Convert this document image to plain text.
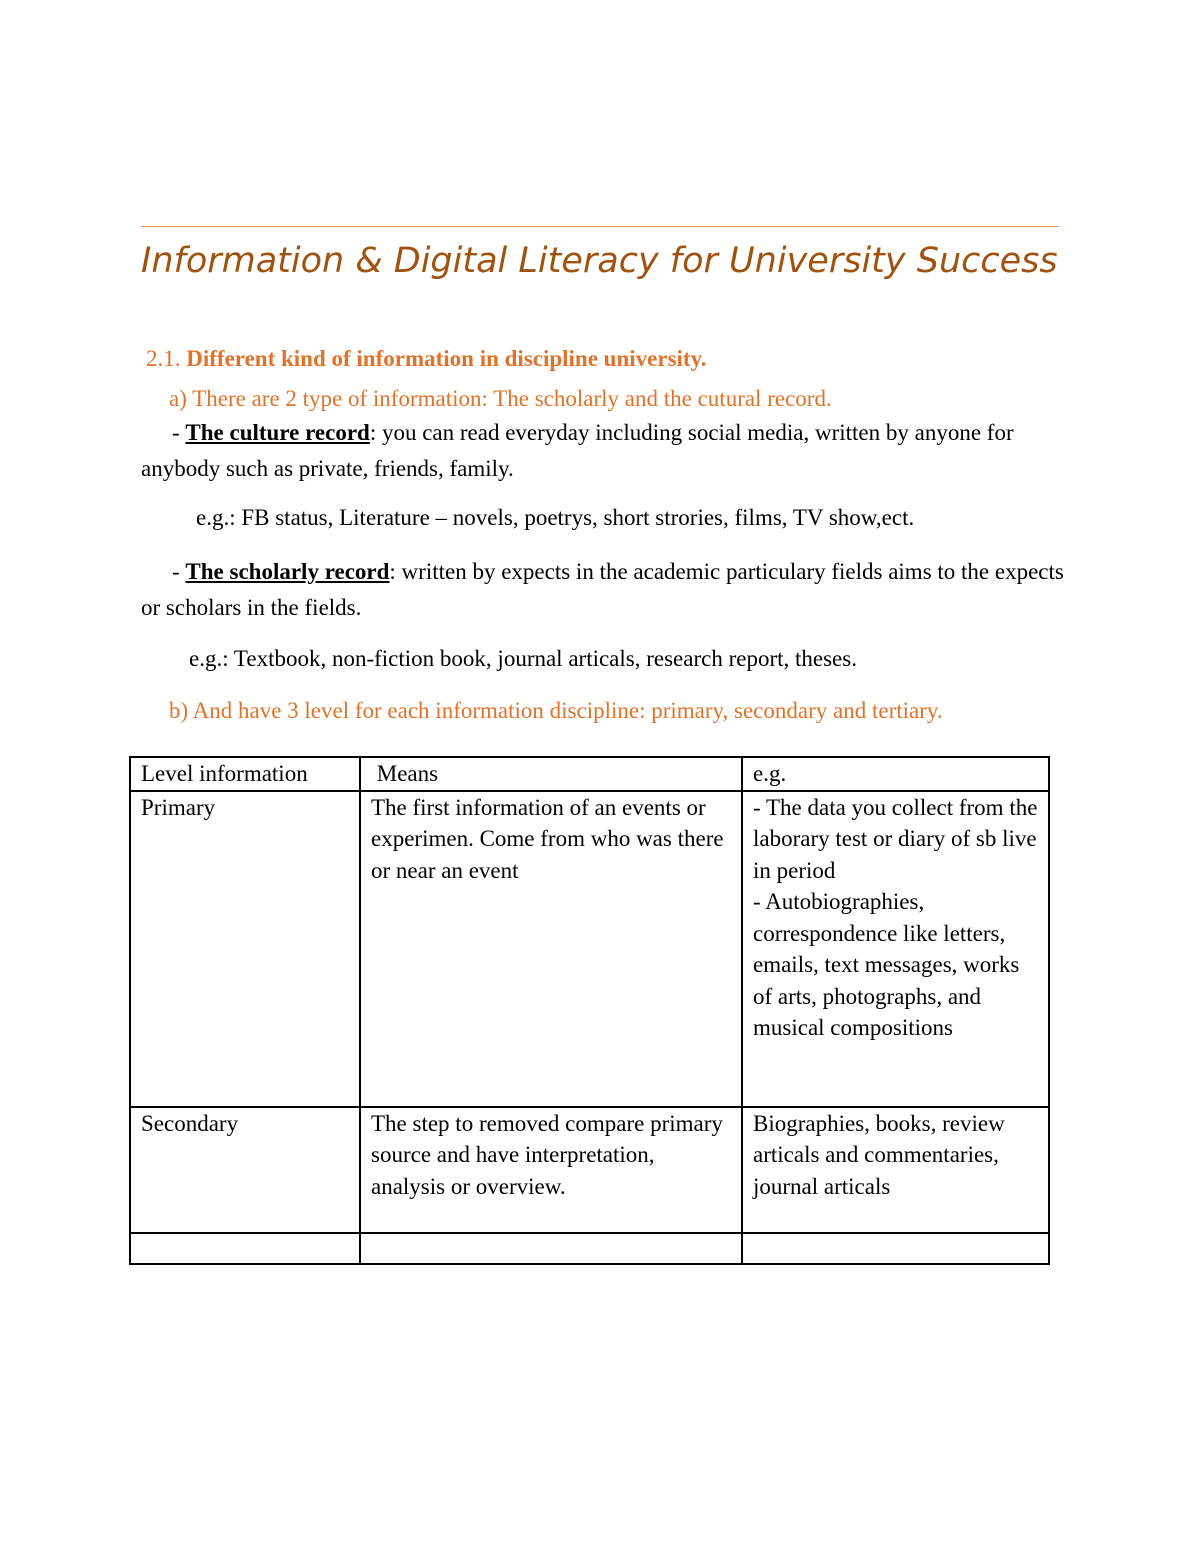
Information & Digital Literacy for University Success

2.1. Different kind of information in discipline university.

a) There are 2 type of information: The scholarly and the cutural record.

- The culture record: you can read everyday including social media, written by anyone for anybody such as private, friends, family.

e.g.: FB status, Literature – novels, poetrys, short strories, films, TV show,ect.

- The scholarly record: written by expects in the academic particulary fields aims to the expects or scholars in the fields.

e.g.: Textbook, non-fiction book, journal articals, research report, theses.

b) And have 3 level for each information discipline: primary, secondary and tertiary.

Level information	Means	e.g.
Primary	The first information of an events or experimen. Come from who was there or near an event	- The data you collect from the laborary test or diary of sb live in period
- Autobiographies, correspondence like letters, emails, text messages, works of arts, photographs, and musical compositions

Secondary	The step to removed compare primary source and have interpretation, analysis or overview.	Biographies, books, review articals and commentaries, journal articals
